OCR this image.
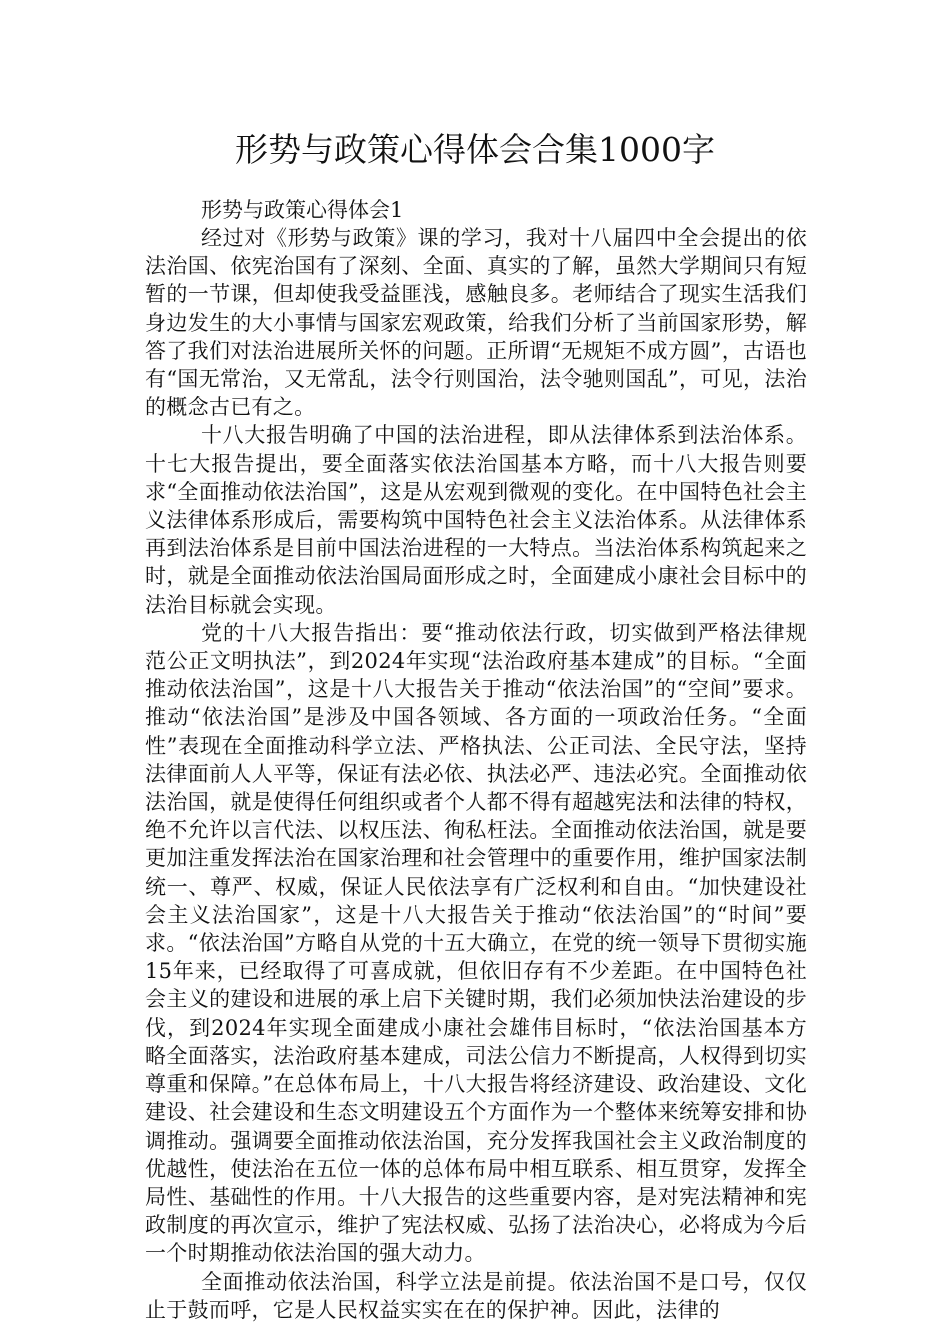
形势与政策心得体会合集1000字

形势与政策心得体会1

经过对《形势与政策》课的学习，我对十八届四中全会提出的依法治国、依宪治国有了深刻、全面、真实的了解，虽然大学期间只有短暂的一节课，但却使我受益匪浅，感触良多。老师结合了现实生活我们身边发生的大小事情与国家宏观政策，给我们分析了当前国家形势，解答了我们对法治进展所关怀的问题。正所谓“无规矩不成方圆”，古语也有“国无常治，又无常乱，法令行则国治，法令驰则国乱”，可见，法治的概念古已有之。

十八大报告明确了中国的法治进程，即从法律体系到法治体系。十七大报告提出，要全面落实依法治国基本方略，而十八大报告则要求“全面推动依法治国”，这是从宏观到微观的变化。在中国特色社会主义法律体系形成后，需要构筑中国特色社会主义法治体系。从法律体系再到法治体系是目前中国法治进程的一大特点。当法治体系构筑起来之时，就是全面推动依法治国局面形成之时，全面建成小康社会目标中的法治目标就会实现。

党的十八大报告指出：要“推动依法行政，切实做到严格法律规范公正文明执法”，到2024年实现“法治政府基本建成”的目标。“全面推动依法治国”，这是十八大报告关于推动“依法治国”的“空间”要求。推动“依法治国”是涉及中国各领域、各方面的一项政治任务。“全面性”表现在全面推动科学立法、严格执法、公正司法、全民守法，坚持法律面前人人平等，保证有法必依、执法必严、违法必究。全面推动依法治国，就是使得任何组织或者个人都不得有超越宪法和法律的特权，绝不允许以言代法、以权压法、徇私枉法。全面推动依法治国，就是要更加注重发挥法治在国家治理和社会管理中的重要作用，维护国家法制统一、尊严、权威，保证人民依法享有广泛权利和自由。“加快建设社会主义法治国家”，这是十八大报告关于推动“依法治国”的“时间”要求。“依法治国”方略自从党的十五大确立，在党的统一领导下贯彻实施15年来，已经取得了可喜成就，但依旧存有不少差距。在中国特色社会主义的建设和进展的承上启下关键时期，我们必须加快法治建设的步伐，到2024年实现全面建成小康社会雄伟目标时，“依法治国基本方略全面落实，法治政府基本建成，司法公信力不断提高，人权得到切实尊重和保障。”在总体布局上，十八大报告将经济建设、政治建设、文化建设、社会建设和生态文明建设五个方面作为一个整体来统筹安排和协调推动。强调要全面推动依法治国，充分发挥我国社会主义政治制度的优越性，使法治在五位一体的总体布局中相互联系、相互贯穿，发挥全局性、基础性的作用。十八大报告的这些重要内容，是对宪法精神和宪政制度的再次宣示，维护了宪法权威、弘扬了法治决心，必将成为今后一个时期推动依法治国的强大动力。

全面推动依法治国，科学立法是前提。依法治国不是口号，仅仅止于鼓而呼，它是人民权益实实在在的保护神。因此，法律的
